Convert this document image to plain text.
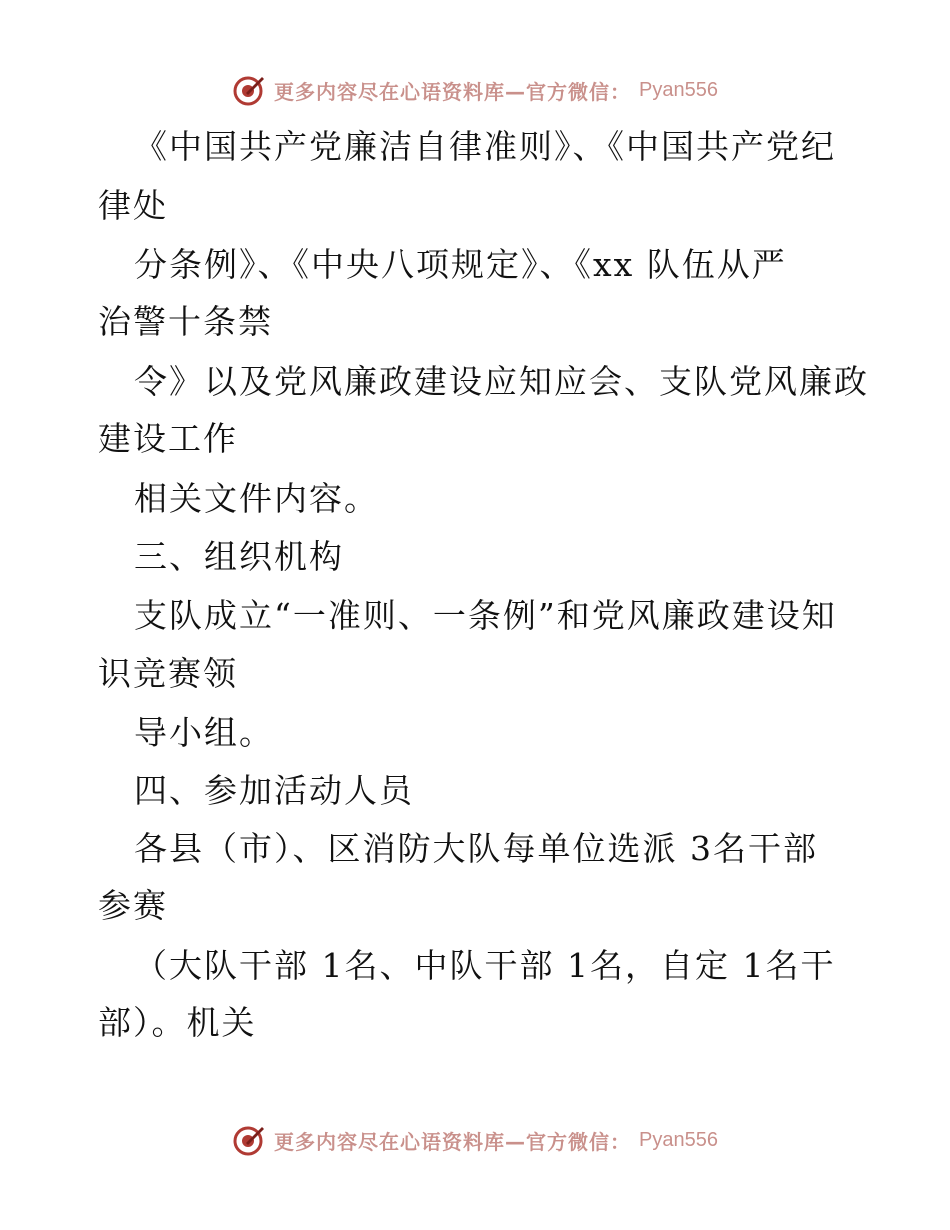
更多内容尽在心语资料库—官方微信： Pyan556
《中国共产党廉洁自律准则》、《中国共产党纪
律处
分条例》、《中央八项规定》、《xx 队伍从严
治警十条禁
令》以及党风廉政建设应知应会、支队党风廉政
建设工作
相关文件内容。
三、组织机构
支队成立“一准则、一条例”和党风廉政建设知
识竞赛领
导小组。
四、参加活动人员
各县（市）、区消防大队每单位选派 3名干部
参赛
（大队干部 1名、中队干部 1名，自定 1名干
部）。机关
更多内容尽在心语资料库—官方微信： Pyan556
